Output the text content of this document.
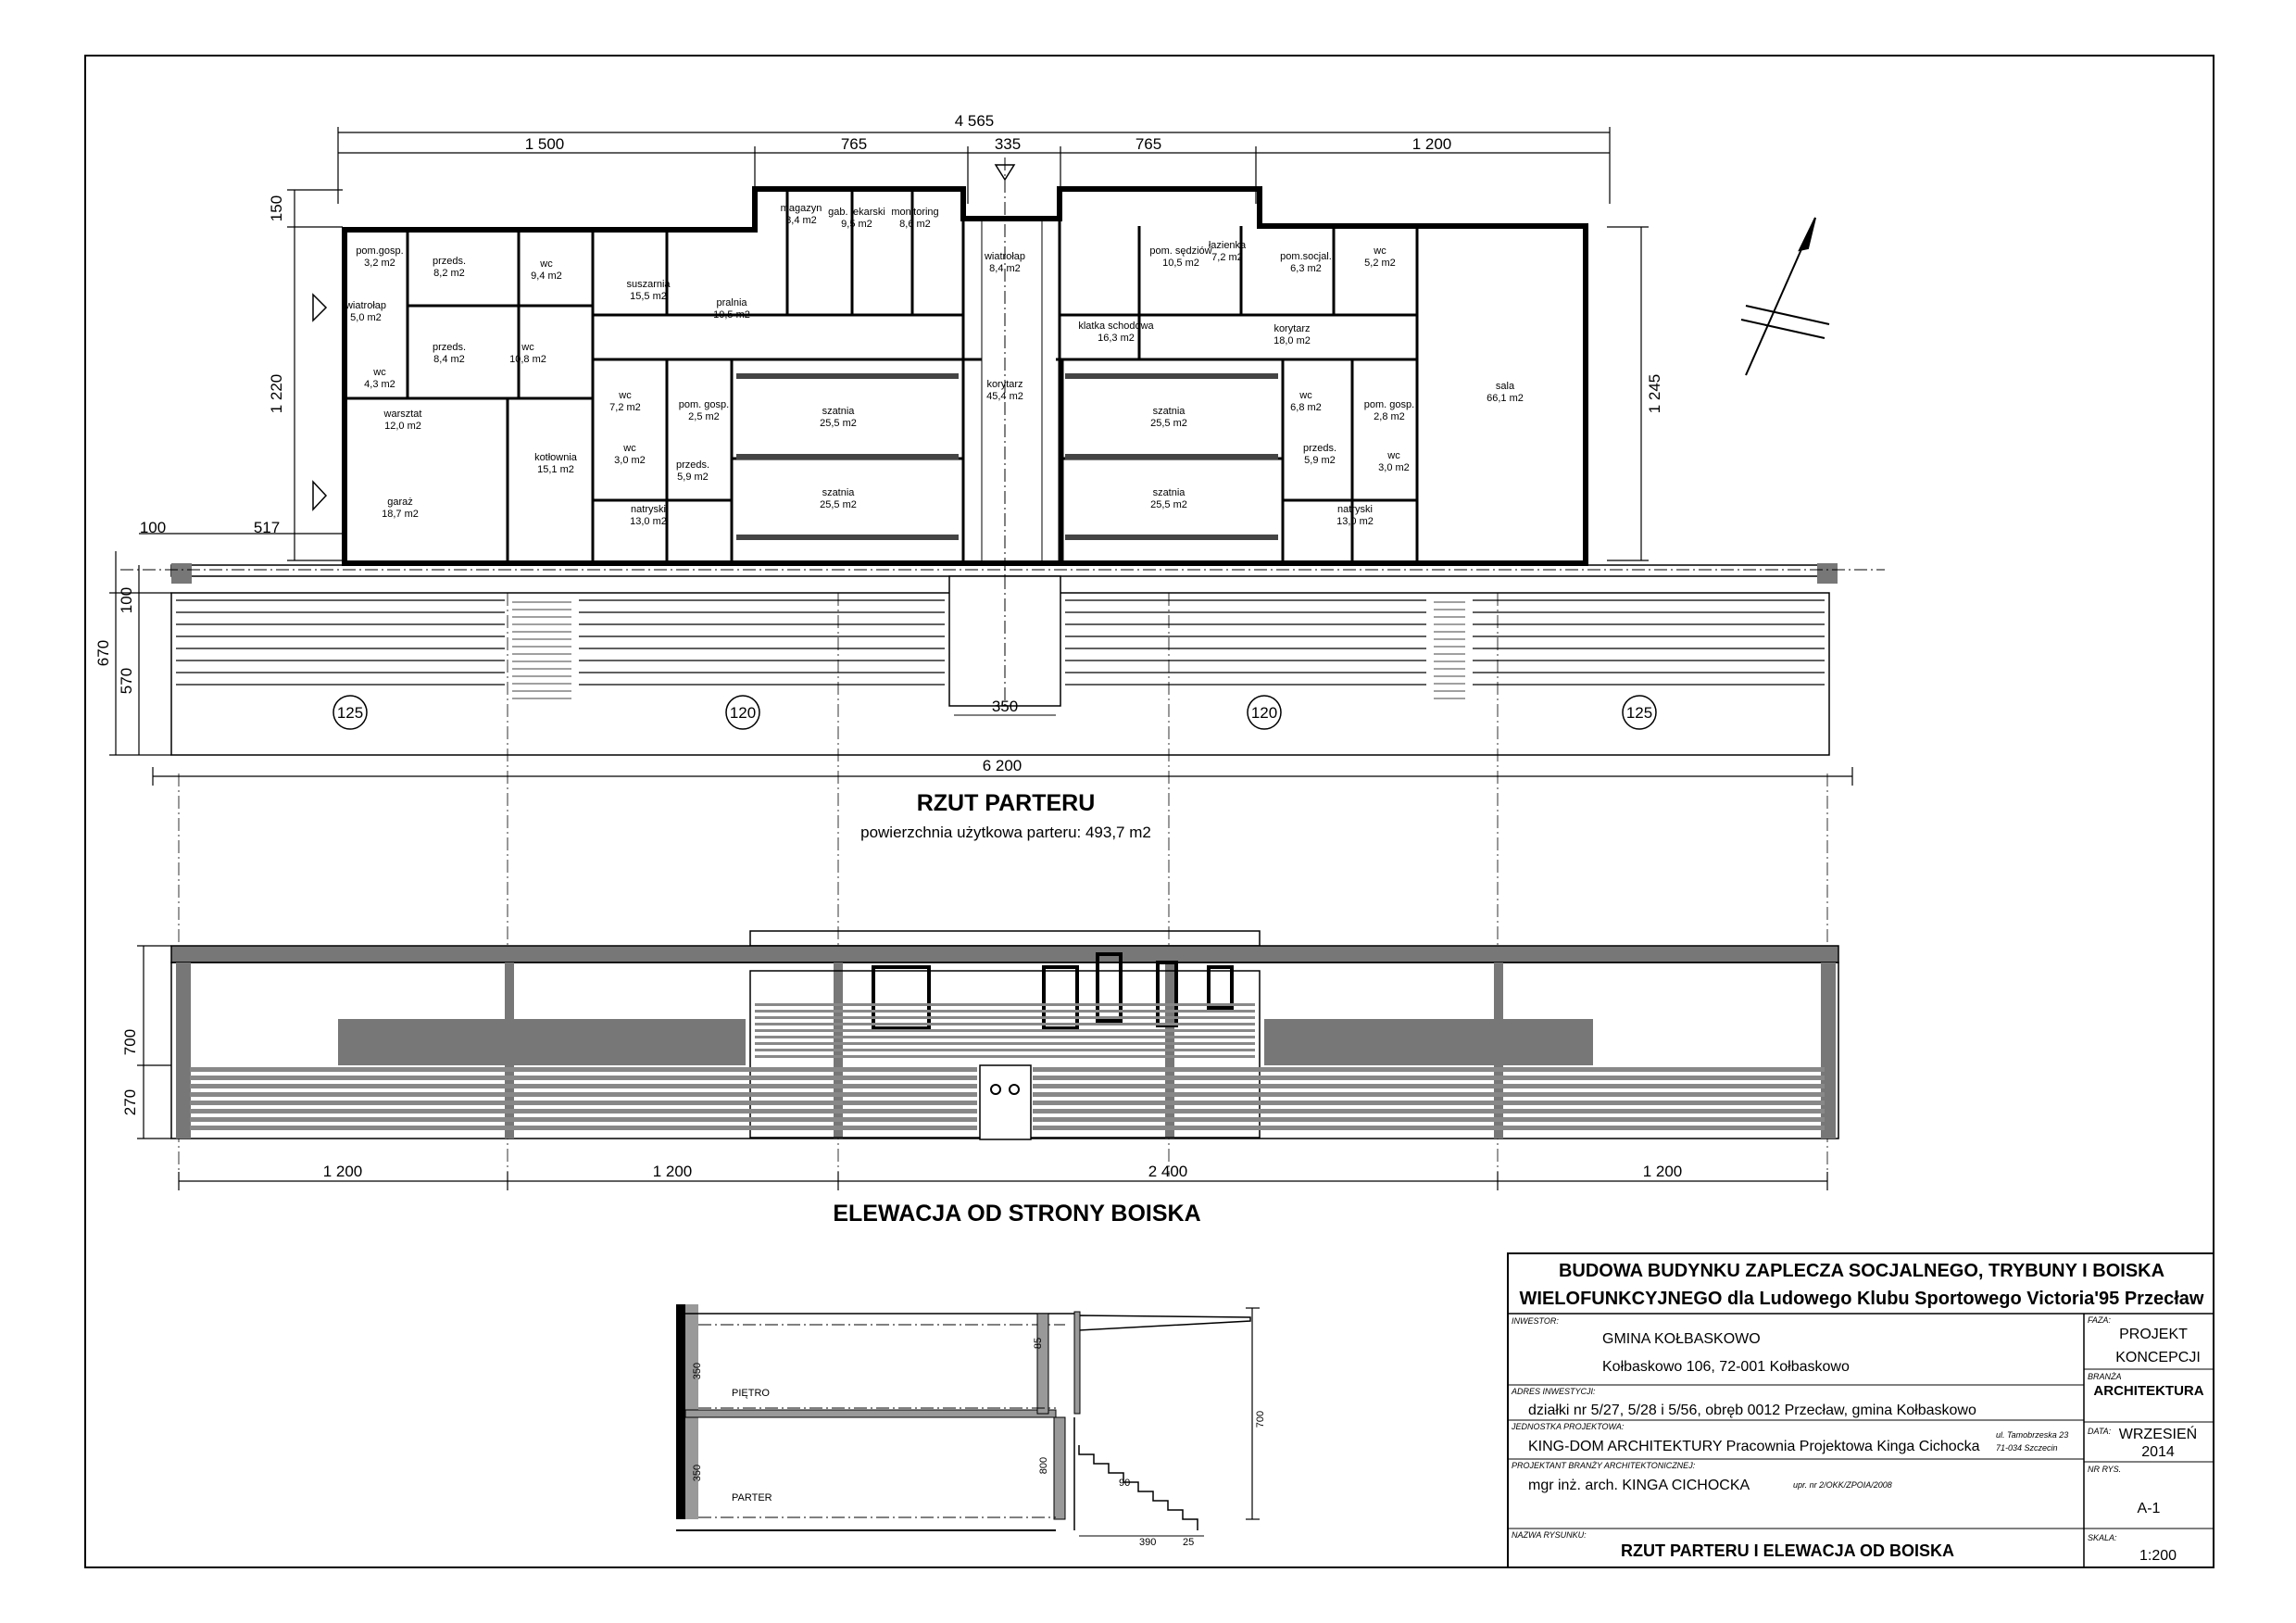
4 565
1 500	765	335	765	1 200
150
1 220	1 245
pom.gosp.
3,2 m2	przeds.
8,2 m2
wc
9,4 m2
wiatrołap
5,0 m2
przeds.
8,4 m2
wc
10,8 m2
wc
4,3 m2
suszarnia
15,5 m2
pralnia
10,5 m2
magazyn
8,4 m2
gab. lekarski
9,5 m2
monitoring
8,6 m2
wiatrołap
8,4 m2
pom. sędziów
10,5 m2
łazienka
7,2 m2	pom.socjal.
6,3 m2
wc
5,2 m2
klatka schodowa
16,3 m2
korytarz
18,0 m2
korytarz
45,4 m2
warsztat
12,0 m2
kotłownia
15,1 m2
garaż
18,7 m2
wc
7,2 m2	pom. gosp.
2,5 m2
wc
3,0 m2	przeds.
5,9 m2
natryski
13,0 m2
szatnia
25,5 m2
szatnia
25,5 m2
szatnia
25,5 m2
szatnia
25,5 m2
wc
6,8 m2	pom. gosp.
2,8 m2
przeds.
5,9 m2	wc
3,0 m2
natryski
13,0 m2
sala
66,1 m2
125	120	120	125
100	517
100
570
670
350
6 200
RZUT PARTERU
powierzchnia użytkowa parteru: 493,7 m2
700
270
1 200	1 200	2 400	1 200
ELEWACJA OD STRONY BOISKA
PIĘTRO
PARTER
700
85
350
350	800
90
390	25
BUDOWA BUDYNKU ZAPLECZA SOCJALNEGO, TRYBUNY I BOISKA
WIELOFUNKCYJNEGO dla Ludowego Klubu Sportowego Victoria'95 Przecław
INWESTOR:
GMINA KOŁBASKOWO
Kołbaskowo 106, 72-001 Kołbaskowo
ADRES INWESTYCJI:
działki nr 5/27, 5/28 i 5/56, obręb 0012 Przecław, gmina Kołbaskowo
JEDNOSTKA PROJEKTOWA:
KING-DOM ARCHITEKTURY Pracownia Projektowa Kinga Cichocka
ul. Tamobrzeska 23
71-034 Szczecin
PROJEKTANT BRANŻY ARCHITEKTONICZNEJ:
mgr inż. arch. KINGA CICHOCKA	upr. nr 2/OKK/ZPOIA/2008
NAZWA RYSUNKU:
RZUT PARTERU I ELEWACJA OD BOISKA
FAZA:
PROJEKT
KONCEPCJI
BRANŻA
ARCHITEKTURA
DATA: WRZESIEŃ
2014
NR RYS.
A-1
SKALA:
1:200
